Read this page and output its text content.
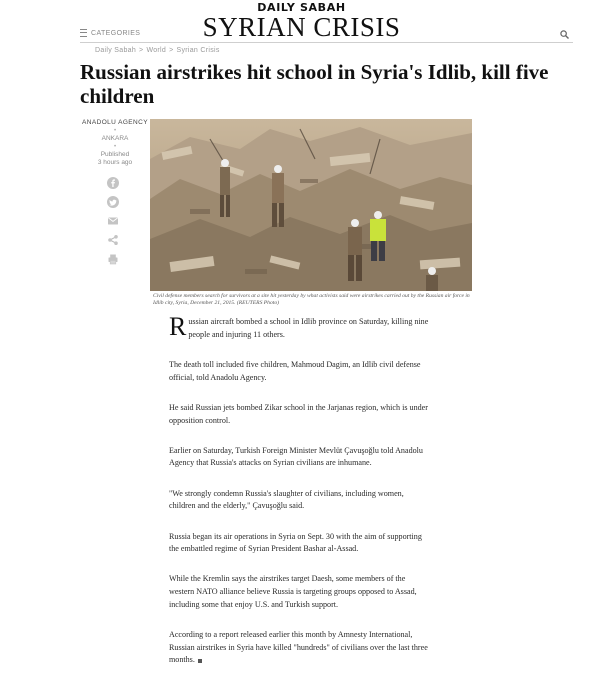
CATEGORIES
DAILY SABAH
SYRIAN CRISIS
Daily Sabah > World > Syrian Crisis
Russian airstrikes hit school in Syria's Idlib, kill five children
ANADOLU AGENCY
•
ANKARA
•
Published
3 hours ago

Civil defense members search for survivors at a site hit yesterday by what activists said were airstrikes carried out by the Russian air force in Idlib city, Syria, December 21, 2015. (REUTERS Photo)

Russian aircraft bombed a school in Idlib province on Saturday, killing nine people and injuring 11 others.

The death toll included five children, Mahmoud Dagim, an Idlib civil defense official, told Anadolu Agency.

He said Russian jets bombed Zikar school in the Jarjanas region, which is under opposition control.

Earlier on Saturday, Turkish Foreign Minister Mevlüt Çavuşoğlu told Anadolu Agency that Russia's attacks on Syrian civilians are inhumane.

"We strongly condemn Russia's slaughter of civilians, including women, children and the elderly," Çavuşoğlu said.

Russia began its air operations in Syria on Sept. 30 with the aim of supporting the embattled regime of Syrian President Bashar al-Assad.

While the Kremlin says the airstrikes target Daesh, some members of the western NATO alliance believe Russia is targeting groups opposed to Assad, including some that enjoy U.S. and Turkish support.

According to a report released earlier this month by Amnesty International, Russian airstrikes in Syria have killed "hundreds" of civilians over the last three months.
